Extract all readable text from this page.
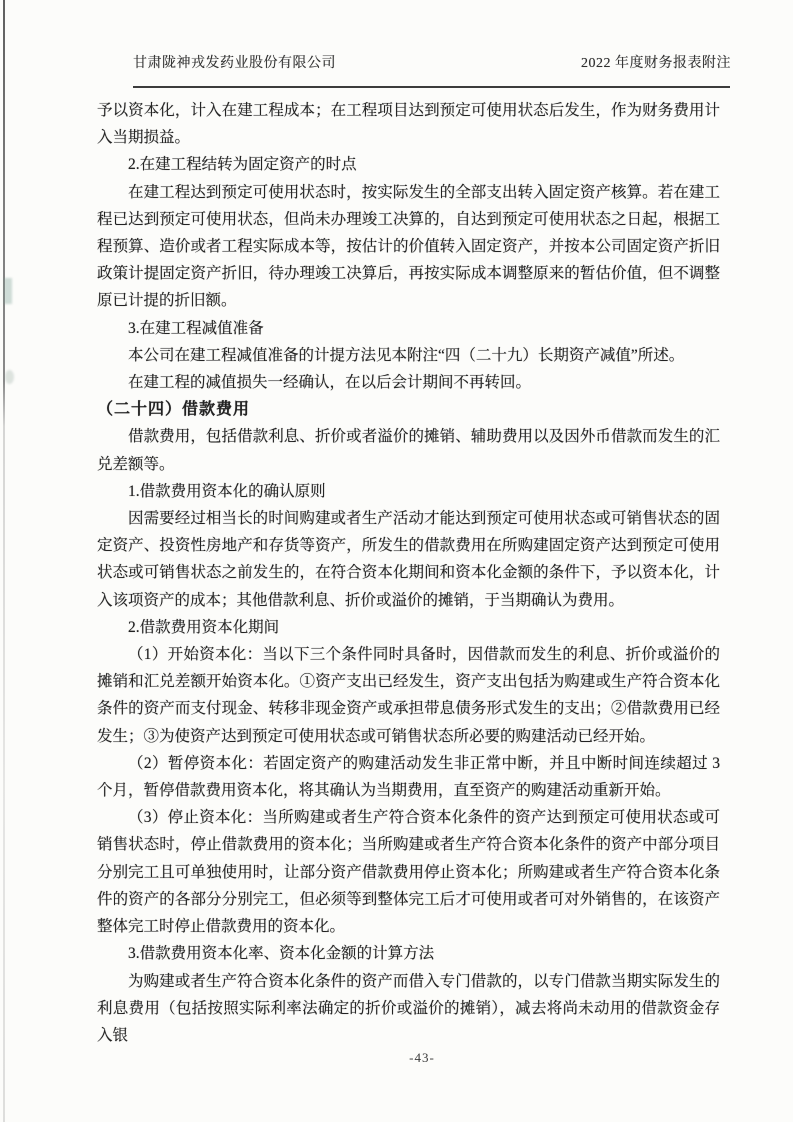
甘肃陇神戎发药业股份有限公司	2022 年度财务报表附注

予以资本化，计入在建工程成本；在工程项目达到预定可使用状态后发生，作为财务费用计入当期损益。

2.在建工程结转为固定资产的时点

在建工程达到预定可使用状态时，按实际发生的全部支出转入固定资产核算。若在建工程已达到预定可使用状态，但尚未办理竣工决算的，自达到预定可使用状态之日起，根据工程预算、造价或者工程实际成本等，按估计的价值转入固定资产，并按本公司固定资产折旧政策计提固定资产折旧，待办理竣工决算后，再按实际成本调整原来的暂估价值，但不调整原已计提的折旧额。

3.在建工程减值准备

本公司在建工程减值准备的计提方法见本附注“四（二十九）长期资产减值”所述。

在建工程的减值损失一经确认，在以后会计期间不再转回。

（二十四）借款费用

借款费用，包括借款利息、折价或者溢价的摊销、辅助费用以及因外币借款而发生的汇兑差额等。

1.借款费用资本化的确认原则

因需要经过相当长的时间购建或者生产活动才能达到预定可使用状态或可销售状态的固定资产、投资性房地产和存货等资产，所发生的借款费用在所购建固定资产达到预定可使用状态或可销售状态之前发生的，在符合资本化期间和资本化金额的条件下，予以资本化，计入该项资产的成本；其他借款利息、折价或溢价的摊销，于当期确认为费用。

2.借款费用资本化期间

（1）开始资本化：当以下三个条件同时具备时，因借款而发生的利息、折价或溢价的摊销和汇兑差额开始资本化。①资产支出已经发生，资产支出包括为购建或生产符合资本化条件的资产而支付现金、转移非现金资产或承担带息债务形式发生的支出；②借款费用已经发生；③为使资产达到预定可使用状态或可销售状态所必要的购建活动已经开始。

（2）暂停资本化：若固定资产的购建活动发生非正常中断，并且中断时间连续超过 3 个月，暂停借款费用资本化，将其确认为当期费用，直至资产的购建活动重新开始。

（3）停止资本化：当所购建或者生产符合资本化条件的资产达到预定可使用状态或可销售状态时，停止借款费用的资本化；当所购建或者生产符合资本化条件的资产中部分项目分别完工且可单独使用时，让部分资产借款费用停止资本化；所购建或者生产符合资本化条件的资产的各部分分别完工，但必须等到整体完工后才可使用或者可对外销售的，在该资产整体完工时停止借款费用的资本化。

3.借款费用资本化率、资本化金额的计算方法

为购建或者生产符合资本化条件的资产而借入专门借款的，以专门借款当期实际发生的利息费用（包括按照实际利率法确定的折价或溢价的摊销），减去将尚未动用的借款资金存入银

-43-
